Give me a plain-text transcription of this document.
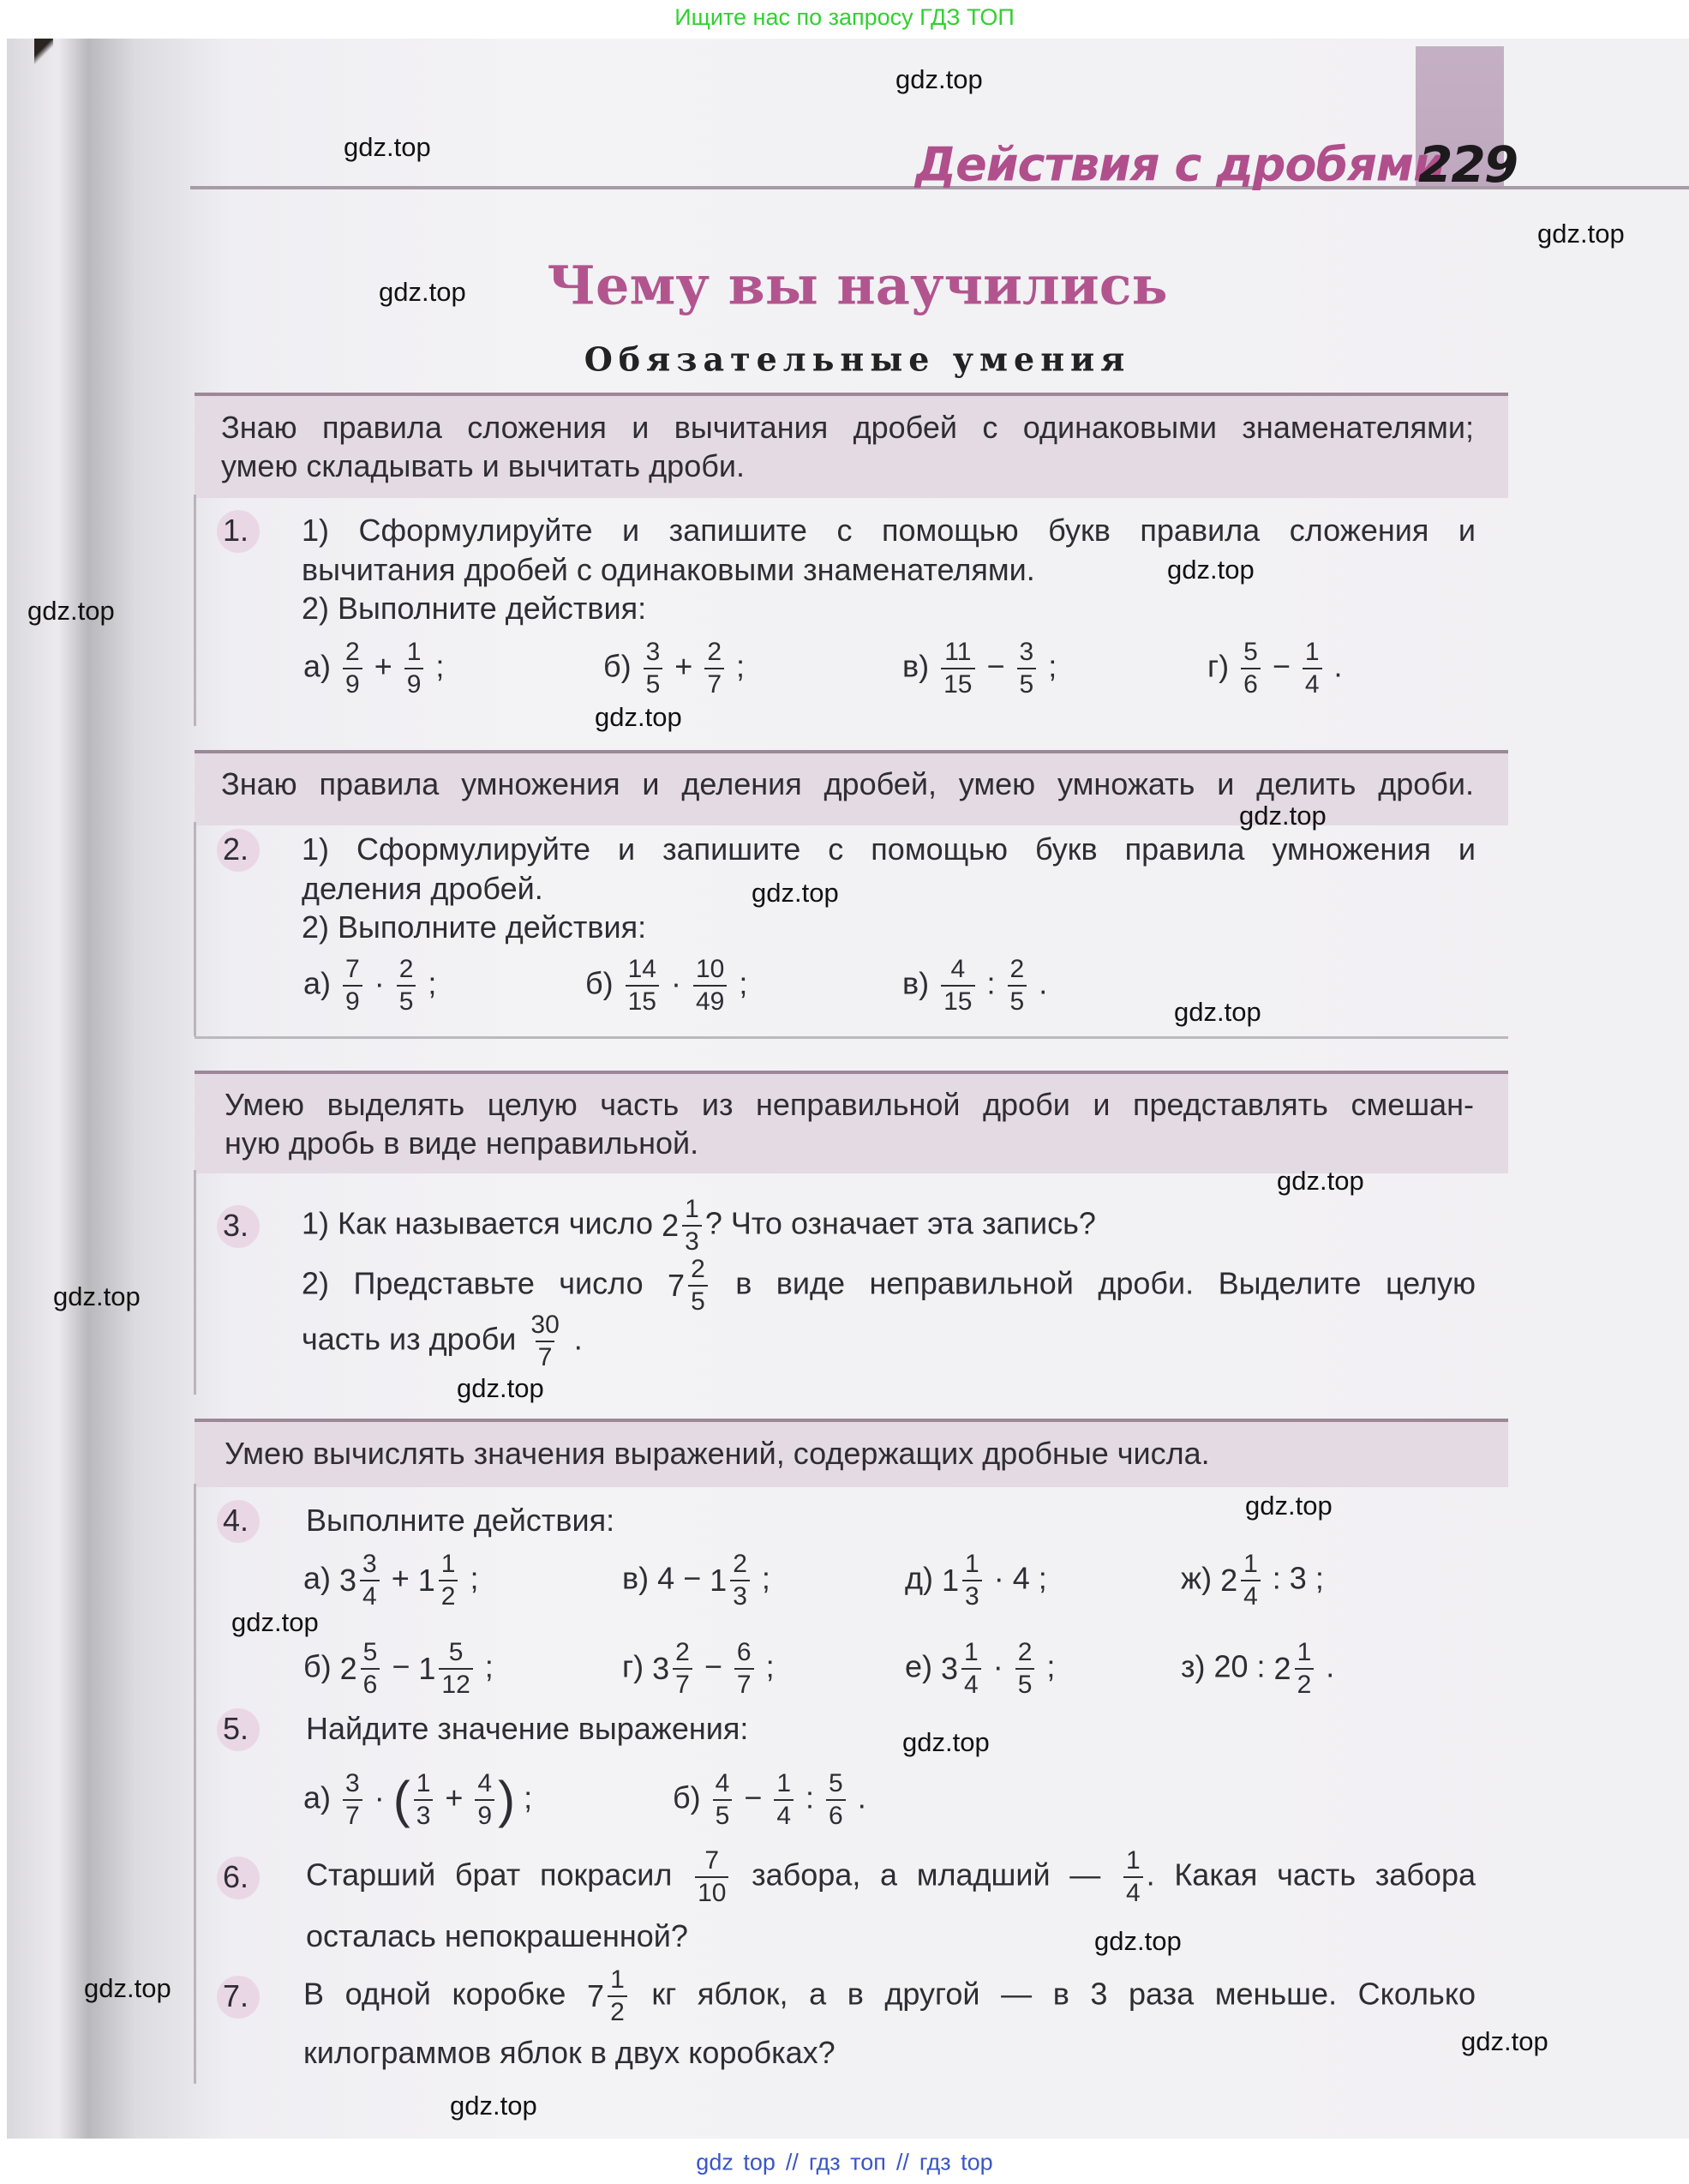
Ищите нас по запросу ГДЗ ТОП
Действия с дробями
229
Чему вы научились
Обязательные умения
Знаю правила сложения и вычитания дробей с одинаковыми знаменателями;
умею складывать и вычитать дроби.
1. 1) Сформулируйте и запишите с помощью букв правила сложения и
вычитания дробей с одинаковыми знаменателями.
2) Выполните действия:
$а) \frac{2}{9} + \frac{1}{9}$ ;	$б) \frac{3}{5} + \frac{2}{7}$ ;	$в) \frac{11}{15} - \frac{3}{5}$ ;	$г) \frac{5}{6} - \frac{1}{4}$ .
Знаю правила умножения и деления дробей, умею умножать и делить дроби.
2. 1) Сформулируйте и запишите с помощью букв правила умножения и
деления дробей.
2) Выполните действия:
$а) \frac{7}{9} \cdot \frac{2}{5}$ ;	$б) \frac{14}{15} \cdot \frac{10}{49}$ ;	$в) \frac{4}{15}$ : $\frac{2}{5}$ .
Умею выделять целую часть из неправильной дроби и представлять смешан-
ную дробь в виде неправильной.
3. 1) Как называется число $2 \frac{1}{3}$ ? Что означает эта запись?
2) Представьте число $7 \frac{2}{5}$ в виде неправильной дроби. Выделите целую
часть из дроби $\frac{30}{7}$ .
Умею вычислять значения выражений, содержащих дробные числа.
4. Выполните действия:
а) $3 \frac{3}{4} + 1 \frac{1}{2}$ ;	в) $4 - 1 \frac{2}{3}$ ;	д) $1 \frac{1}{3} \cdot 4$ ;	ж) $2 \frac{1}{4}$ : 3 ;
б) $2 \frac{5}{6} - 1 \frac{5}{12}$ ;	г) $3 \frac{2}{7} - \frac{6}{7}$ ;	е) $3 \frac{1}{4} \cdot \frac{2}{5}$ ;	з) 20 : $2 \frac{1}{2}$ .
5. Найдите значение выражения:
$а) \frac{3}{7}$ · ( $\frac{1}{3} + \frac{4}{9}$ ) ;	$б) \frac{4}{5} - \frac{1}{4}$ : $\frac{5}{6}$ .
6. Старший брат покрасил $\frac{7}{10}$ забора, а младший — $\frac{1}{4}$ . Какая часть забора
осталась непокрашенной?
7. В одной коробке $7 \frac{1}{2}$ кг яблок, а в другой — в 3 раза меньше. Сколько
килограммов яблок в двух коробках?
gdz.top
gdz.top
gdz.top
gdz.top
gdz.top
gdz.top
gdz.top
gdz.top
gdz.top
gdz.top
gdz.top
gdz.top
gdz.top
gdz.top
gdz.top
gdz.top
gdz.top
gdz.top
gdz.top
gdz.top
gdz top // гдз топ // гдз top
